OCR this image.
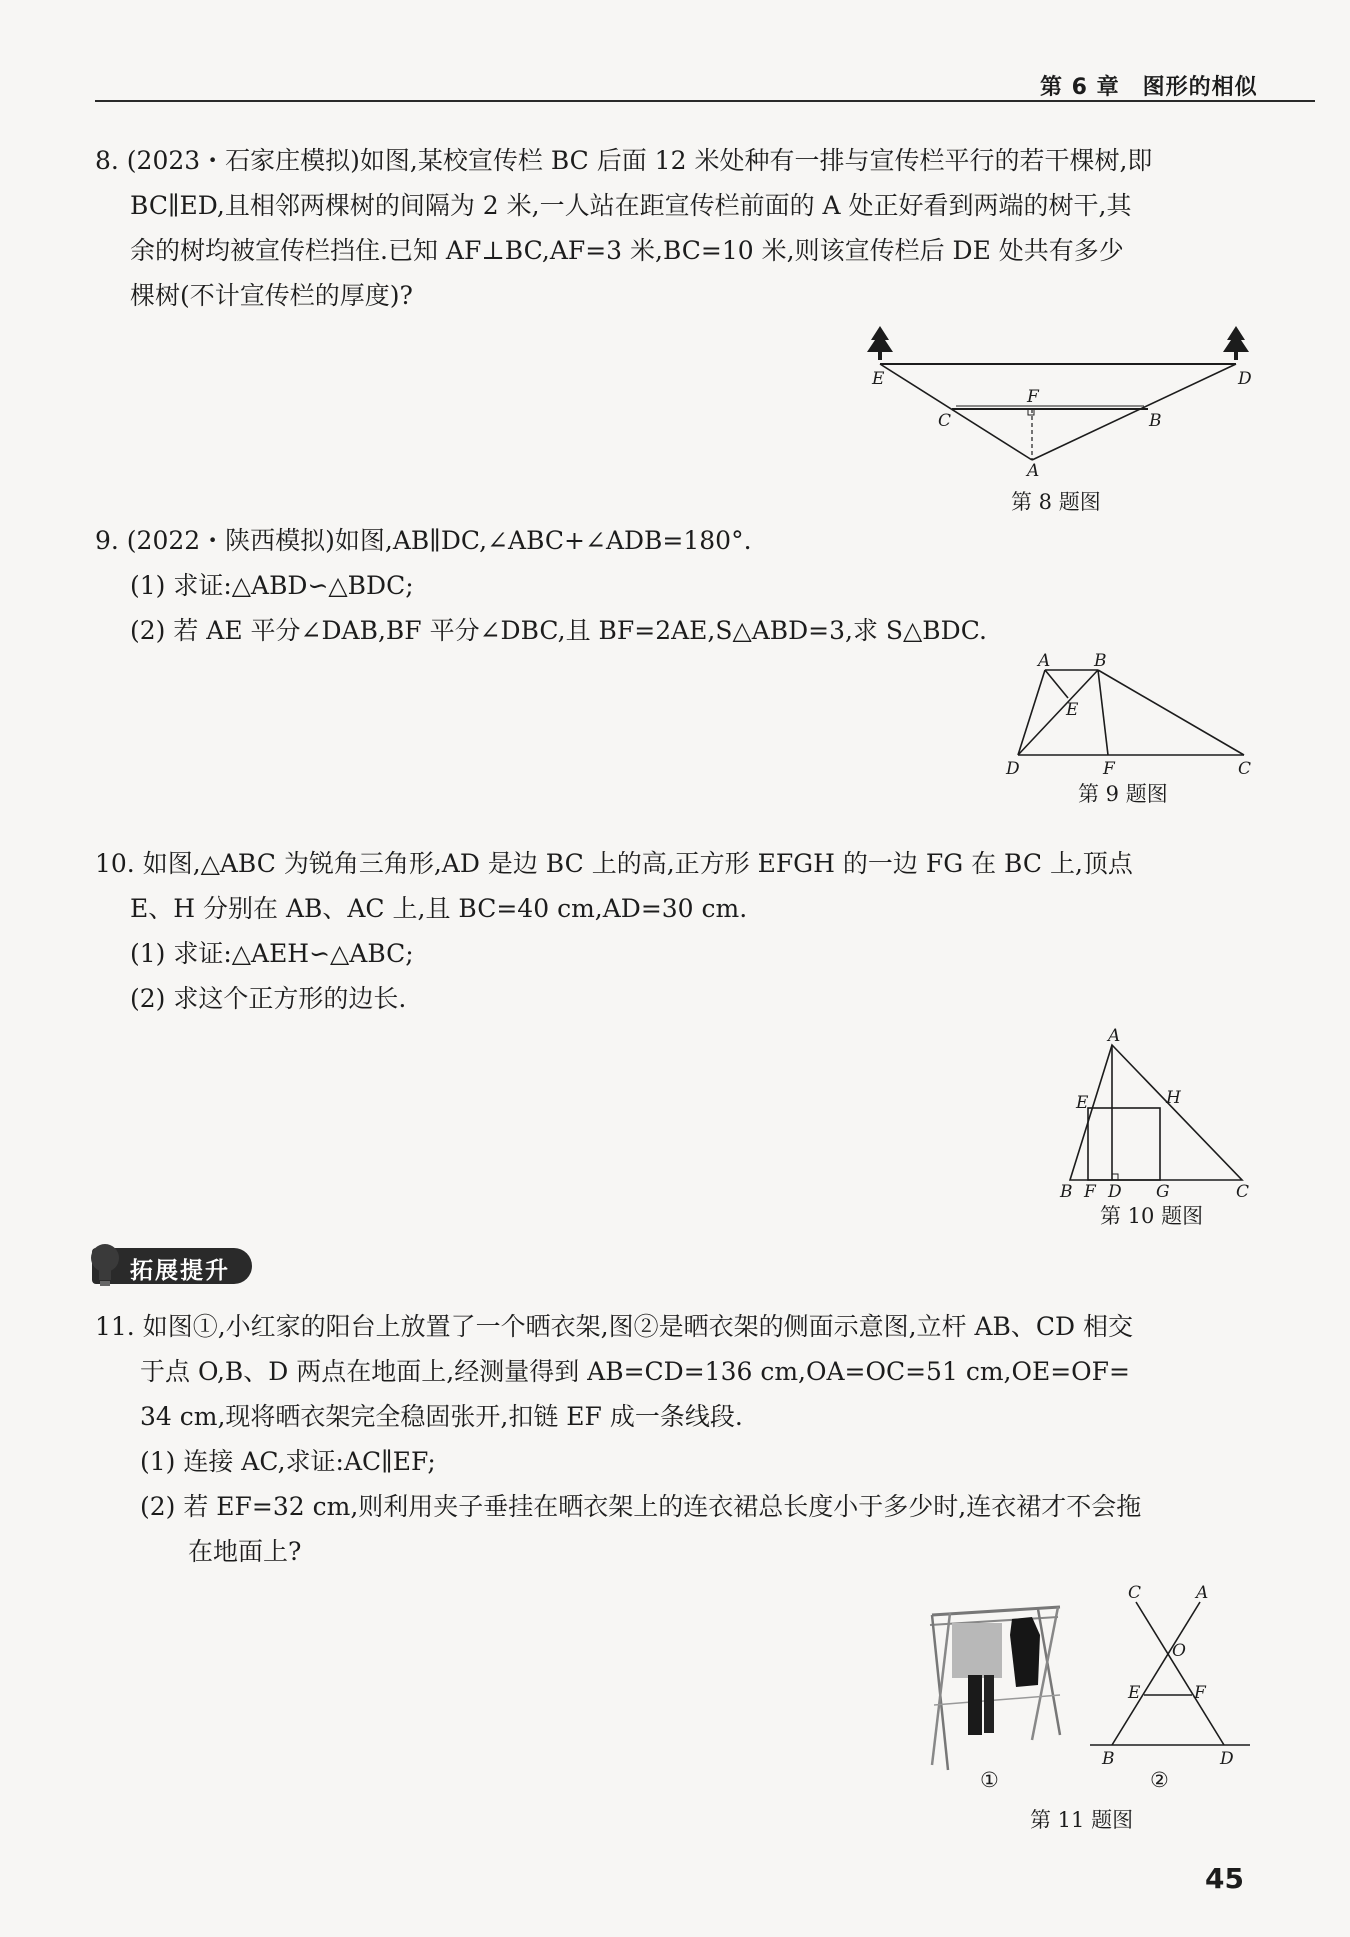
第 6 章　图形的相似
8. (2023・石家庄模拟)如图,某校宣传栏 BC 后面 12 米处种有一排与宣传栏平行的若干棵树,即
BC∥ED,且相邻两棵树的间隔为 2 米,一人站在距宣传栏前面的 A 处正好看到两端的树干,其
余的树均被宣传栏挡住.已知 AF⊥BC,AF=3 米,BC=10 米,则该宣传栏后 DE 处共有多少
棵树(不计宣传栏的厚度)?
E	D
F
C	B
A
第 8 题图
9. (2022・陕西模拟)如图,AB∥DC,∠ABC+∠ADB=180°.
(1) 求证:△ABD∽△BDC;
(2) 若 AE 平分∠DAB,BF 平分∠DBC,且 BF=2AE,S△ABD=3,求 S△BDC.
A	B
E
D	F	C
第 9 题图
10. 如图,△ABC 为锐角三角形,AD 是边 BC 上的高,正方形 EFGH 的一边 FG 在 BC 上,顶点
E、H 分别在 AB、AC 上,且 BC=40 cm,AD=30 cm.
(1) 求证:△AEH∽△ABC;
(2) 求这个正方形的边长.
A
E	H
B F D G	C
第 10 题图
拓展提升
11. 如图①,小红家的阳台上放置了一个晒衣架,图②是晒衣架的侧面示意图,立杆 AB、CD 相交
于点 O,B、D 两点在地面上,经测量得到 AB=CD=136 cm,OA=OC=51 cm,OE=OF=
34 cm,现将晒衣架完全稳固张开,扣链 EF 成一条线段.
(1) 连接 AC,求证:AC∥EF;
(2) 若 EF=32 cm,则利用夹子垂挂在晒衣架上的连衣裙总长度小于多少时,连衣裙才不会拖
在地面上?
①
C	A
O
E	F
B	D
②
第 11 题图
45
